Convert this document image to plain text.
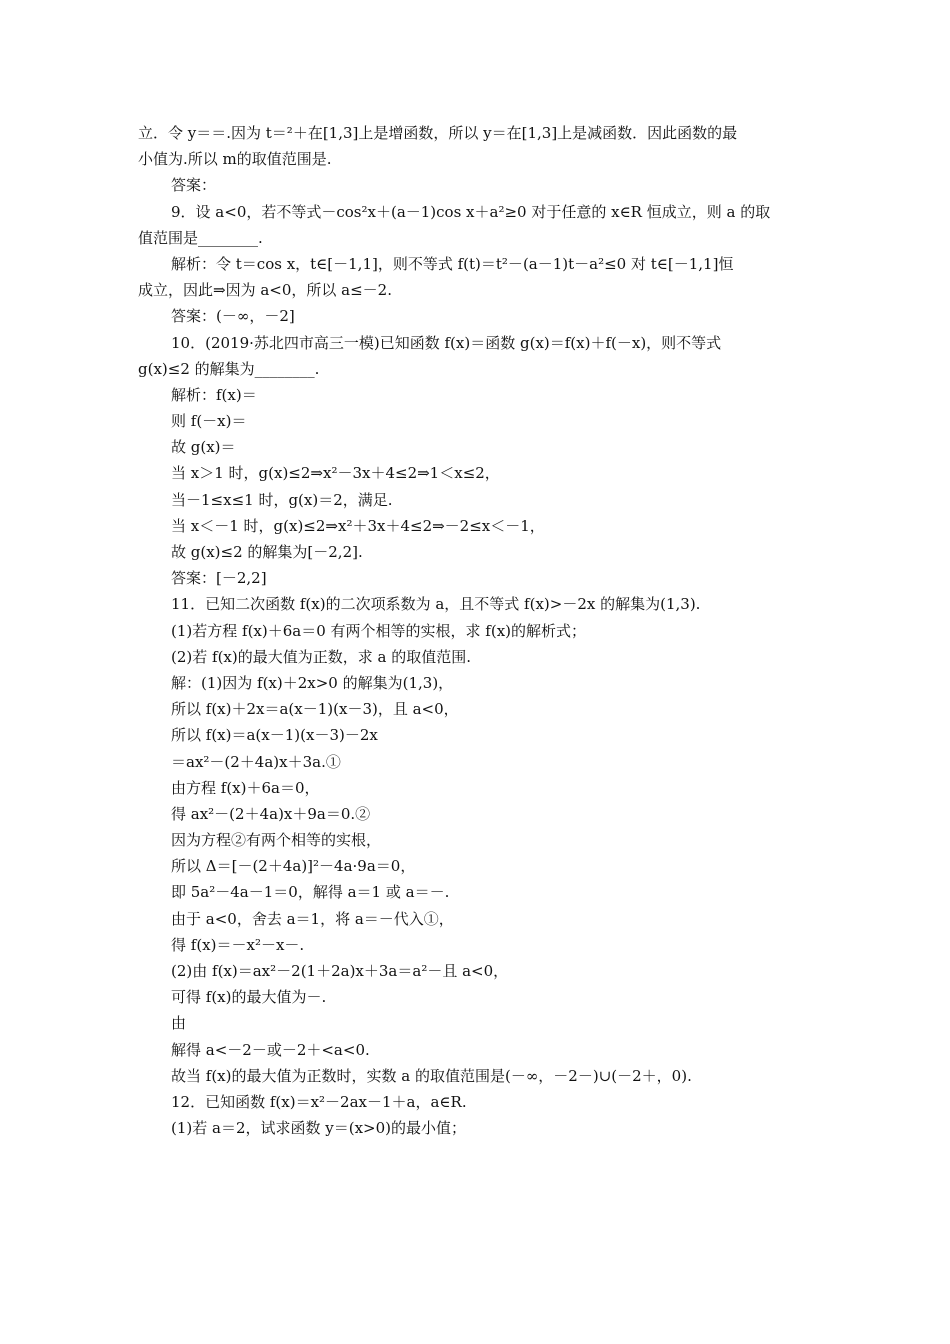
立．令 y＝＝.因为 t＝²＋在[1,3]上是增函数，所以 y＝在[1,3]上是减函数．因此函数的最
小值为.所以 m的取值范围是.
答案：
9．设 a<0，若不等式－cos²x＋(a－1)cos x＋a²≥0 对于任意的 x∈R 恒成立，则 a 的取
值范围是________.
解析：令 t＝cos x，t∈[－1,1]，则不等式 f(t)＝t²－(a－1)t－a²≤0 对 t∈[－1,1]恒
成立，因此⇒因为 a<0，所以 a≤－2.
答案：(－∞，－2]
10．(2019·苏北四市高三一模)已知函数 f(x)＝函数 g(x)＝f(x)＋f(－x)，则不等式
g(x)≤2 的解集为________.
解析：f(x)＝
则 f(－x)＝
故 g(x)＝
当 x＞1 时，g(x)≤2⇒x²－3x＋4≤2⇒1＜x≤2，
当－1≤x≤1 时，g(x)＝2，满足.
当 x＜－1 时，g(x)≤2⇒x²＋3x＋4≤2⇒－2≤x＜－1，
故 g(x)≤2 的解集为[－2,2].
答案：[－2,2]
11．已知二次函数 f(x)的二次项系数为 a，且不等式 f(x)>－2x 的解集为(1,3).
(1)若方程 f(x)＋6a＝0 有两个相等的实根，求 f(x)的解析式；
(2)若 f(x)的最大值为正数，求 a 的取值范围.
解：(1)因为 f(x)＋2x>0 的解集为(1,3)，
所以 f(x)＋2x＝a(x－1)(x－3)，且 a<0，
所以 f(x)＝a(x－1)(x－3)－2x
＝ax²－(2＋4a)x＋3a.①
由方程 f(x)＋6a＝0，
得 ax²－(2＋4a)x＋9a＝0.②
因为方程②有两个相等的实根，
所以 Δ＝[－(2＋4a)]²－4a·9a＝0，
即 5a²－4a－1＝0，解得 a＝1 或 a＝－.
由于 a<0，舍去 a＝1，将 a＝－代入①，
得 f(x)＝－x²－x－.
(2)由 f(x)＝ax²－2(1＋2a)x＋3a＝a²－且 a<0，
可得 f(x)的最大值为－.
由
解得 a<－2－或－2＋<a<0.
故当 f(x)的最大值为正数时，实数 a 的取值范围是(－∞，－2－)∪(－2＋，0).
12．已知函数 f(x)＝x²－2ax－1＋a，a∈R.
(1)若 a＝2，试求函数 y＝(x>0)的最小值；
